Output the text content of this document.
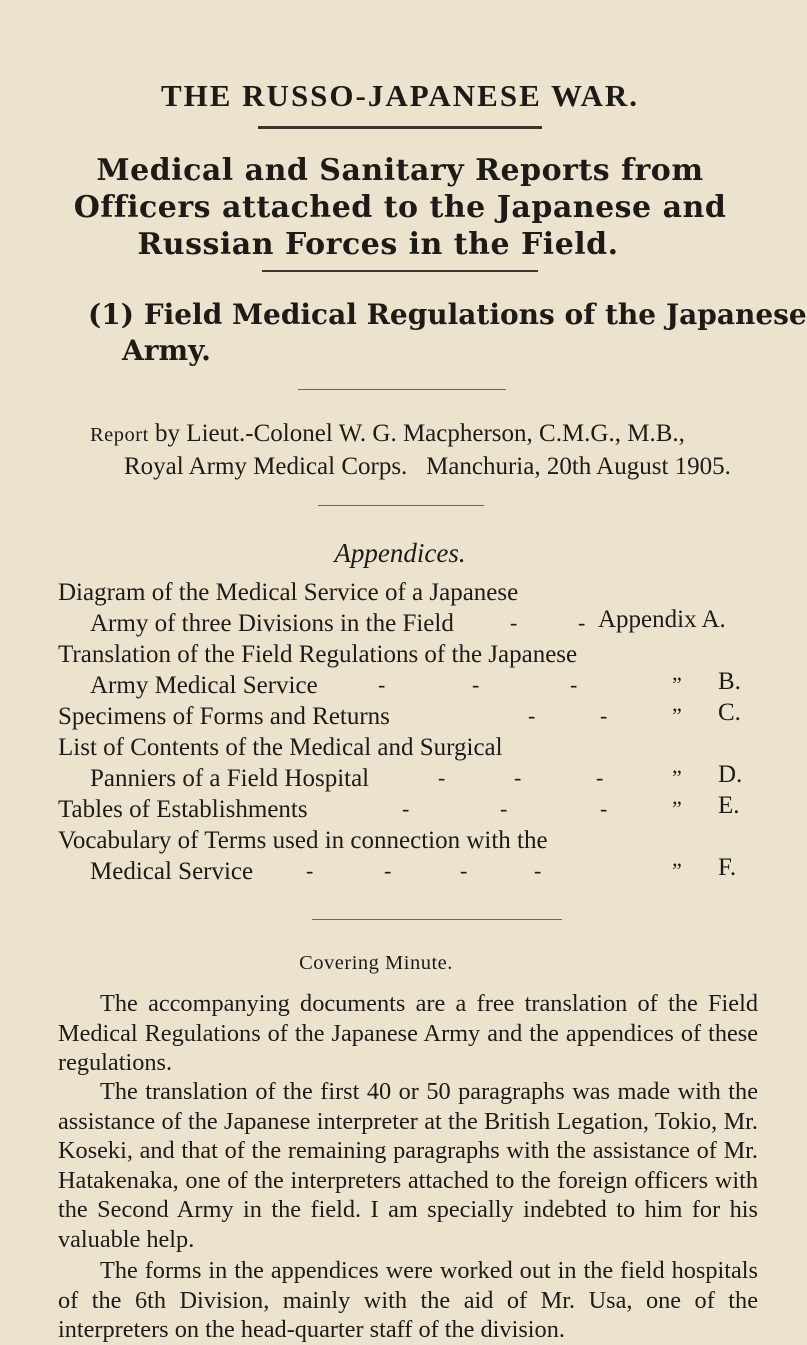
THE RUSSO-JAPANESE WAR.
Medical and Sanitary Reports from
Officers attached to the Japanese and
Russian Forces in the Field.
(1) Field Medical Regulations of the Japanese
Army.
Report by Lieut.-Colonel W. G. Macpherson, C.M.G., M.B.,
Royal Army Medical Corps. Manchuria, 20th August 1905.
Appendices.
Diagram of the Medical Service of a Japanese
Army of three Divisions in the Field	-	- Appendix A.
Translation of the Field Regulations of the Japanese
Army Medical Service	-	-	-	” B.
Specimens of Forms and Returns	-	-	” C.
List of Contents of the Medical and Surgical
Panniers of a Field Hospital	-	-	-	” D.
Tables of Establishments	-	-	-	” E.
Vocabulary of Terms used in connection with the
Medical Service -	-	-	-	” F.
Covering Minute.
The accompanying documents are a free translation of the Field Medical Regulations of the Japanese Army and the appendices of these regulations.
The translation of the first 40 or 50 paragraphs was made with the assistance of the Japanese interpreter at the British Legation, Tokio, Mr. Koseki, and that of the remaining paragraphs with the assistance of Mr. Hatakenaka, one of the interpreters attached to the foreign officers with the Second Army in the field. I am specially indebted to him for his valuable help.
The forms in the appendices were worked out in the field hospitals of the 6th Division, mainly with the aid of Mr. Usa, one of the interpreters on the head-quarter staff of the division.
